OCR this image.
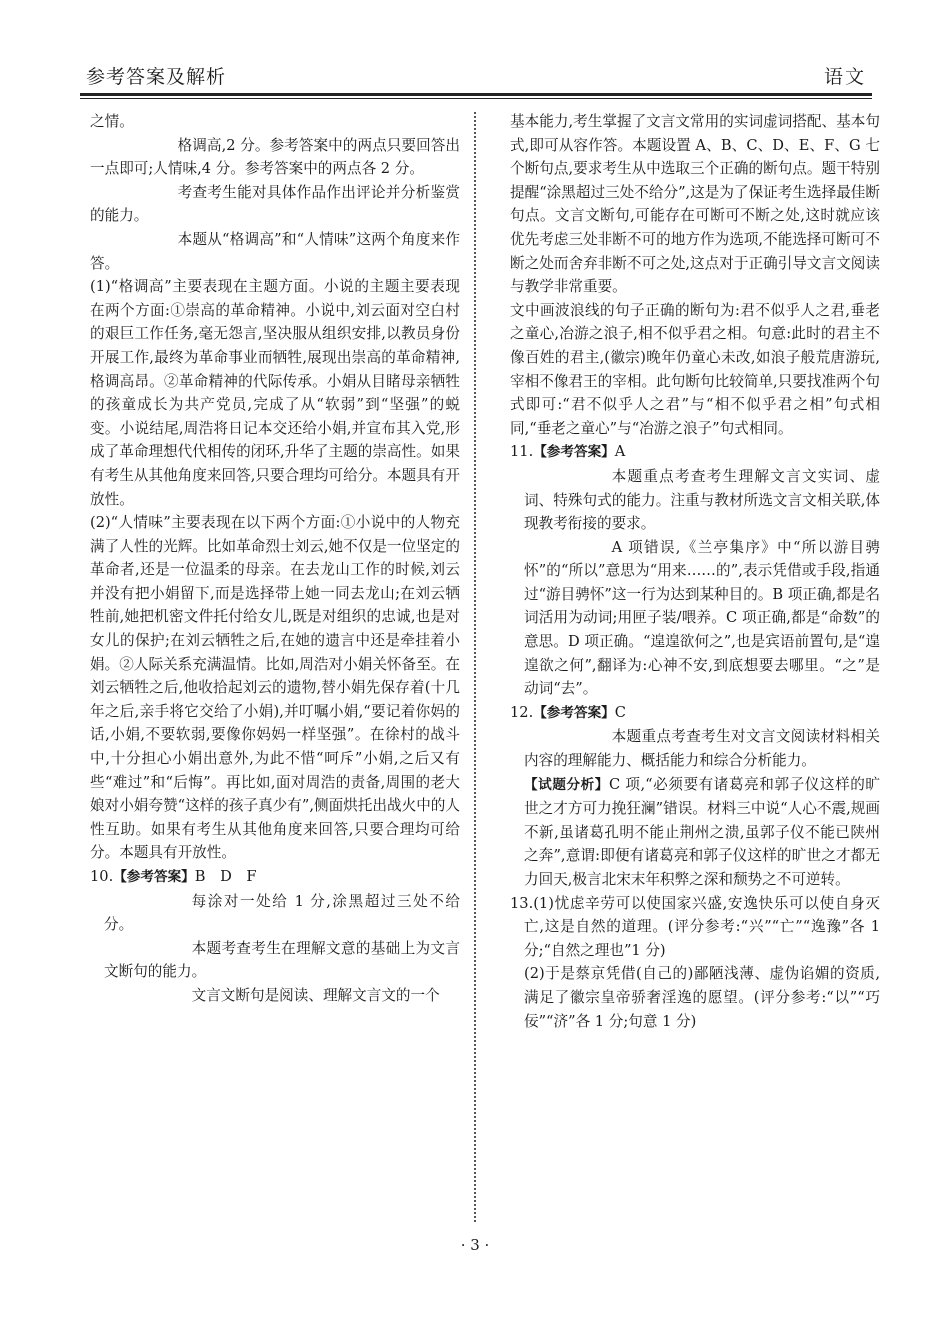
参考答案及解析	语文

之情。

格调高,2 分。参考答案中的两点只要回答出一点即可;人情味,4 分。参考答案中的两点各 2 分。

考查考生能对具体作品作出评论并分析鉴赏的能力。

本题从“格调高”和“人情味”这两个角度来作答。

(1)“格调高”主要表现在主题方面。小说的主题主要表现在两个方面:①崇高的革命精神。小说中,刘云面对空白村的艰巨工作任务,毫无怨言,坚决服从组织安排,以教员身份开展工作,最终为革命事业而牺牲,展现出崇高的革命精神,格调高昂。②革命精神的代际传承。小娟从目睹母亲牺牲的孩童成长为共产党员,完成了从“软弱”到“坚强”的蜕变。小说结尾,周浩将日记本交还给小娟,并宣布其入党,形成了革命理想代代相传的闭环,升华了主题的崇高性。如果有考生从其他角度来回答,只要合理均可给分。本题具有开放性。

(2)“人情味”主要表现在以下两个方面:①小说中的人物充满了人性的光辉。比如革命烈士刘云,她不仅是一位坚定的革命者,还是一位温柔的母亲。在去龙山工作的时候,刘云并没有把小娟留下,而是选择带上她一同去龙山;在刘云牺牲前,她把机密文件托付给女儿,既是对组织的忠诚,也是对女儿的保护;在刘云牺牲之后,在她的遗言中还是牵挂着小娟。②人际关系充满温情。比如,周浩对小娟关怀备至。在刘云牺牲之后,他收拾起刘云的遗物,替小娟先保存着(十几年之后,亲手将它交给了小娟),并叮嘱小娟,“要记着你妈的话,小娟,不要软弱,要像你妈妈一样坚强”。在徐村的战斗中,十分担心小娟出意外,为此不惜“呵斥”小娟,之后又有些“难过”和“后悔”。再比如,面对周浩的责备,周围的老大娘对小娟夸赞“这样的孩子真少有”,侧面烘托出战火中的人性互助。如果有考生从其他角度来回答,只要合理均可给分。本题具有开放性。

10.【参考答案】B　D　F

每涂对一处给 1 分,涂黑超过三处不给分。

本题考查考生在理解文意的基础上为文言文断句的能力。

文言文断句是阅读、理解文言文的一个

基本能力,考生掌握了文言文常用的实词虚词搭配、基本句式,即可从容作答。本题设置 A、B、C、D、E、F、G 七个断句点,要求考生从中选取三个正确的断句点。题干特别提醒“涂黑超过三处不给分”,这是为了保证考生选择最佳断句点。文言文断句,可能存在可断可不断之处,这时就应该优先考虑三处非断不可的地方作为选项,不能选择可断可不断之处而舍弃非断不可之处,这点对于正确引导文言文阅读与教学非常重要。

文中画波浪线的句子正确的断句为:君不似乎人之君,垂老之童心,冶游之浪子,相不似乎君之相。句意:此时的君主不像百姓的君主,(徽宗)晚年仍童心未改,如浪子般荒唐游玩,宰相不像君王的宰相。此句断句比较简单,只要找准两个句式即可:“君不似乎人之君”与“相不似乎君之相”句式相同,“垂老之童心”与“冶游之浪子”句式相同。

11.【参考答案】A

本题重点考查考生理解文言文实词、虚词、特殊句式的能力。注重与教材所选文言文相关联,体现教考衔接的要求。

A 项错误,《兰亭集序》中“所以游目骋怀”的“所以”意思为“用来……的”,表示凭借或手段,指通过“游目骋怀”这一行为达到某种目的。B 项正确,都是名词活用为动词;用匣子装/喂养。C 项正确,都是“命数”的意思。D 项正确。“遑遑欲何之”,也是宾语前置句,是“遑遑欲之何”,翻译为:心神不安,到底想要去哪里。“之”是动词“去”。

12.【参考答案】C

本题重点考查考生对文言文阅读材料相关内容的理解能力、概括能力和综合分析能力。

【试题分析】C 项,“必须要有诸葛亮和郭子仪这样的旷世之才方可力挽狂澜”错误。材料三中说“人心不震,规画不新,虽诸葛孔明不能止荆州之溃,虽郭子仪不能已陕州之奔”,意谓:即便有诸葛亮和郭子仪这样的旷世之才都无力回天,极言北宋末年积弊之深和颓势之不可逆转。

13.(1)忧虑辛劳可以使国家兴盛,安逸快乐可以使自身灭亡,这是自然的道理。(评分参考:“兴”“亡”“逸豫”各 1 分;“自然之理也”1 分)

(2)于是蔡京凭借(自己的)鄙陋浅薄、虚伪谄媚的资质,满足了徽宗皇帝骄奢淫逸的愿望。(评分参考:“以”“巧佞”“济”各 1 分;句意 1 分)

· 3 ·
